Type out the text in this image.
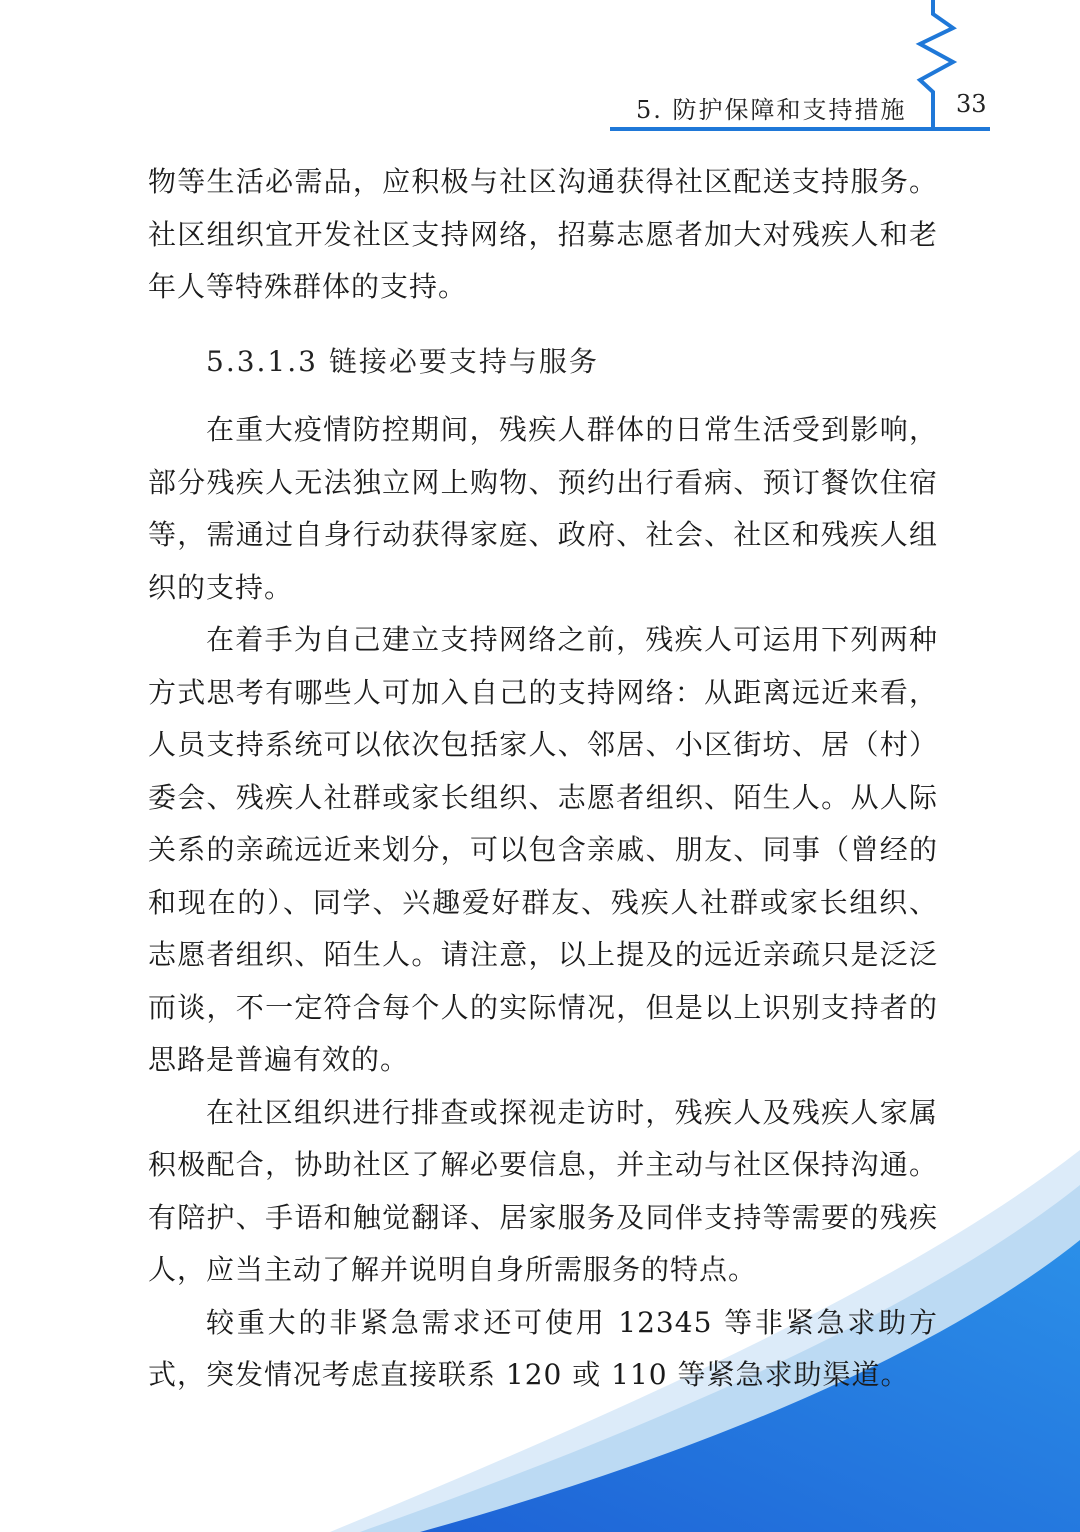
5. 防护保障和支持措施 33

物等生活必需品，应积极与社区沟通获得社区配送支持服务。社区组织宜开发社区支持网络，招募志愿者加大对残疾人和老年人等特殊群体的支持。

5.3.1.3 链接必要支持与服务

在重大疫情防控期间，残疾人群体的日常生活受到影响，部分残疾人无法独立网上购物、预约出行看病、预订餐饮住宿等，需通过自身行动获得家庭、政府、社会、社区和残疾人组织的支持。

在着手为自己建立支持网络之前，残疾人可运用下列两种方式思考有哪些人可加入自己的支持网络：从距离远近来看，人员支持系统可以依次包括家人、邻居、小区街坊、居（村）委会、残疾人社群或家长组织、志愿者组织、陌生人。从人际关系的亲疏远近来划分，可以包含亲戚、朋友、同事（曾经的和现在的）、同学、兴趣爱好群友、残疾人社群或家长组织、志愿者组织、陌生人。请注意，以上提及的远近亲疏只是泛泛而谈，不一定符合每个人的实际情况，但是以上识别支持者的思路是普遍有效的。

在社区组织进行排查或探视走访时，残疾人及残疾人家属积极配合，协助社区了解必要信息，并主动与社区保持沟通。有陪护、手语和触觉翻译、居家服务及同伴支持等需要的残疾人，应当主动了解并说明自身所需服务的特点。

较重大的非紧急需求还可使用 12345 等非紧急求助方式，突发情况考虑直接联系 120 或 110 等紧急求助渠道。
